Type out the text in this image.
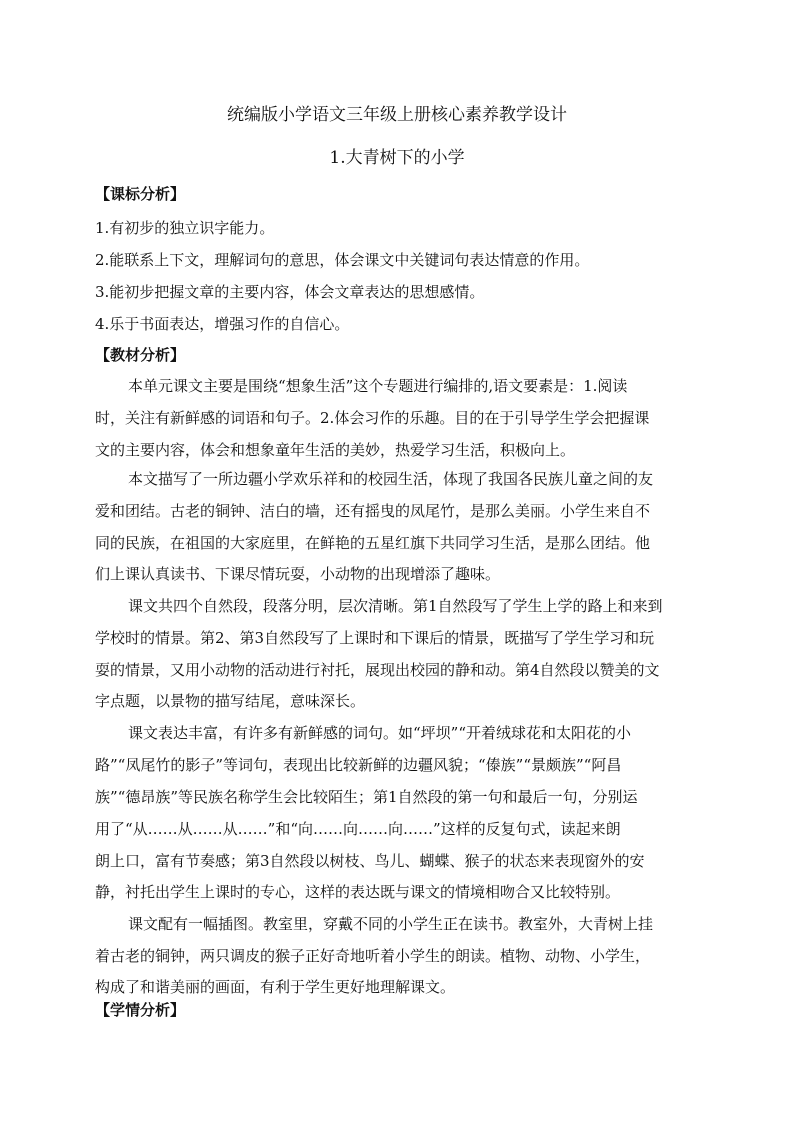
统编版小学语文三年级上册核心素养教学设计
1.大青树下的小学
【课标分析】
1.有初步的独立识字能力。
2.能联系上下文，理解词句的意思，体会课文中关键词句表达情意的作用。
3.能初步把握文章的主要内容，体会文章表达的思想感情。
4.乐于书面表达，增强习作的自信心。
【教材分析】
本单元课文主要是围绕“想象生活”这个专题进行编排的,语文要素是：1.阅读
时，关注有新鲜感的词语和句子。2.体会习作的乐趣。目的在于引导学生学会把握课
文的主要内容，体会和想象童年生活的美妙，热爱学习生活，积极向上。
本文描写了一所边疆小学欢乐祥和的校园生活，体现了我国各民族儿童之间的友
爱和团结。古老的铜钟、洁白的墙，还有摇曳的凤尾竹，是那么美丽。小学生来自不
同的民族，在祖国的大家庭里，在鲜艳的五星红旗下共同学习生活，是那么团结。他
们上课认真读书、下课尽情玩耍，小动物的出现增添了趣味。
课文共四个自然段，段落分明，层次清晰。第1自然段写了学生上学的路上和来到
学校时的情景。第2、第3自然段写了上课时和下课后的情景，既描写了学生学习和玩
耍的情景，又用小动物的活动进行衬托，展现出校园的静和动。第4自然段以赞美的文
字点题，以景物的描写结尾，意味深长。
课文表达丰富，有许多有新鲜感的词句。如“坪坝”“开着绒球花和太阳花的小
路”“凤尾竹的影子”等词句，表现出比较新鲜的边疆风貌；“傣族”“景颇族”“阿昌
族”“德昂族”等民族名称学生会比较陌生；第1自然段的第一句和最后一句，分别运
用了“从……从……从……”和“向……向……向……”这样的反复句式，读起来朗
朗上口，富有节奏感；第3自然段以树枝、鸟儿、蝴蝶、猴子的状态来表现窗外的安
静，衬托出学生上课时的专心，这样的表达既与课文的情境相吻合又比较特别。
课文配有一幅插图。教室里，穿戴不同的小学生正在读书。教室外，大青树上挂
着古老的铜钟，两只调皮的猴子正好奇地听着小学生的朗读。植物、动物、小学生，
构成了和谐美丽的画面，有利于学生更好地理解课文。
【学情分析】
